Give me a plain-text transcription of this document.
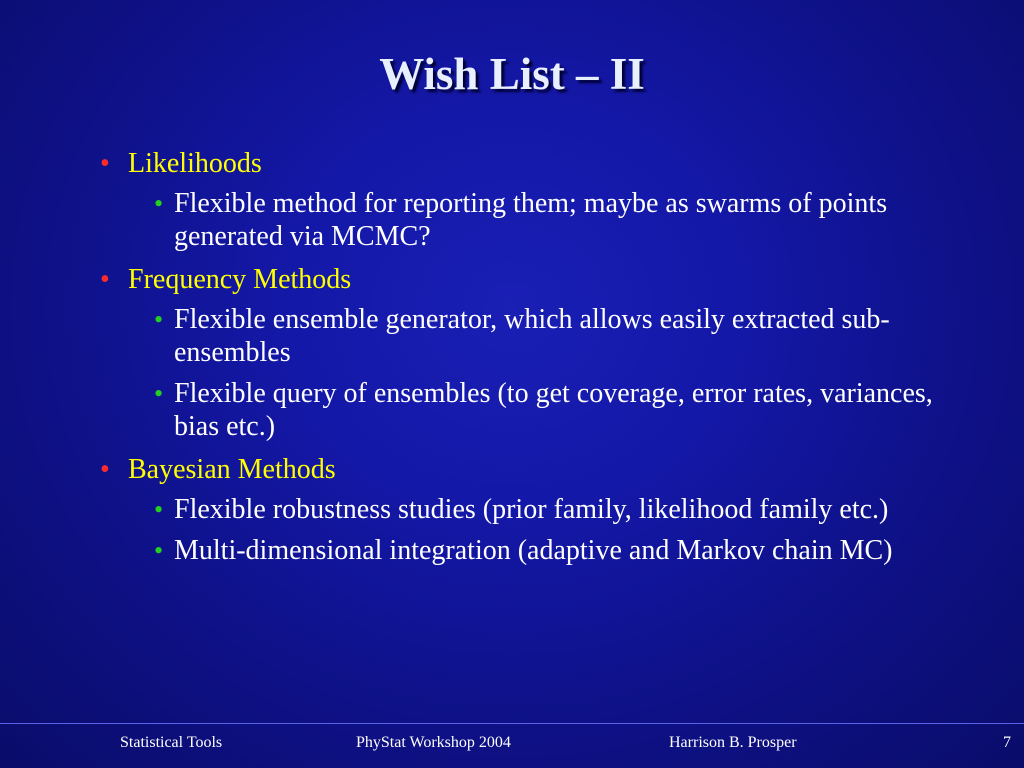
Wish List – II
• Likelihoods
• Flexible method for reporting them; maybe as swarms of points generated via MCMC?
• Frequency Methods
• Flexible ensemble generator, which allows easily extracted sub-ensembles
• Flexible query of ensembles (to get coverage, error rates, variances, bias etc.)
• Bayesian Methods
• Flexible robustness studies (prior family, likelihood family etc.)
• Multi-dimensional integration (adaptive and Markov chain MC)
Statistical Tools	PhyStat Workshop 2004	Harrison B. Prosper	7
